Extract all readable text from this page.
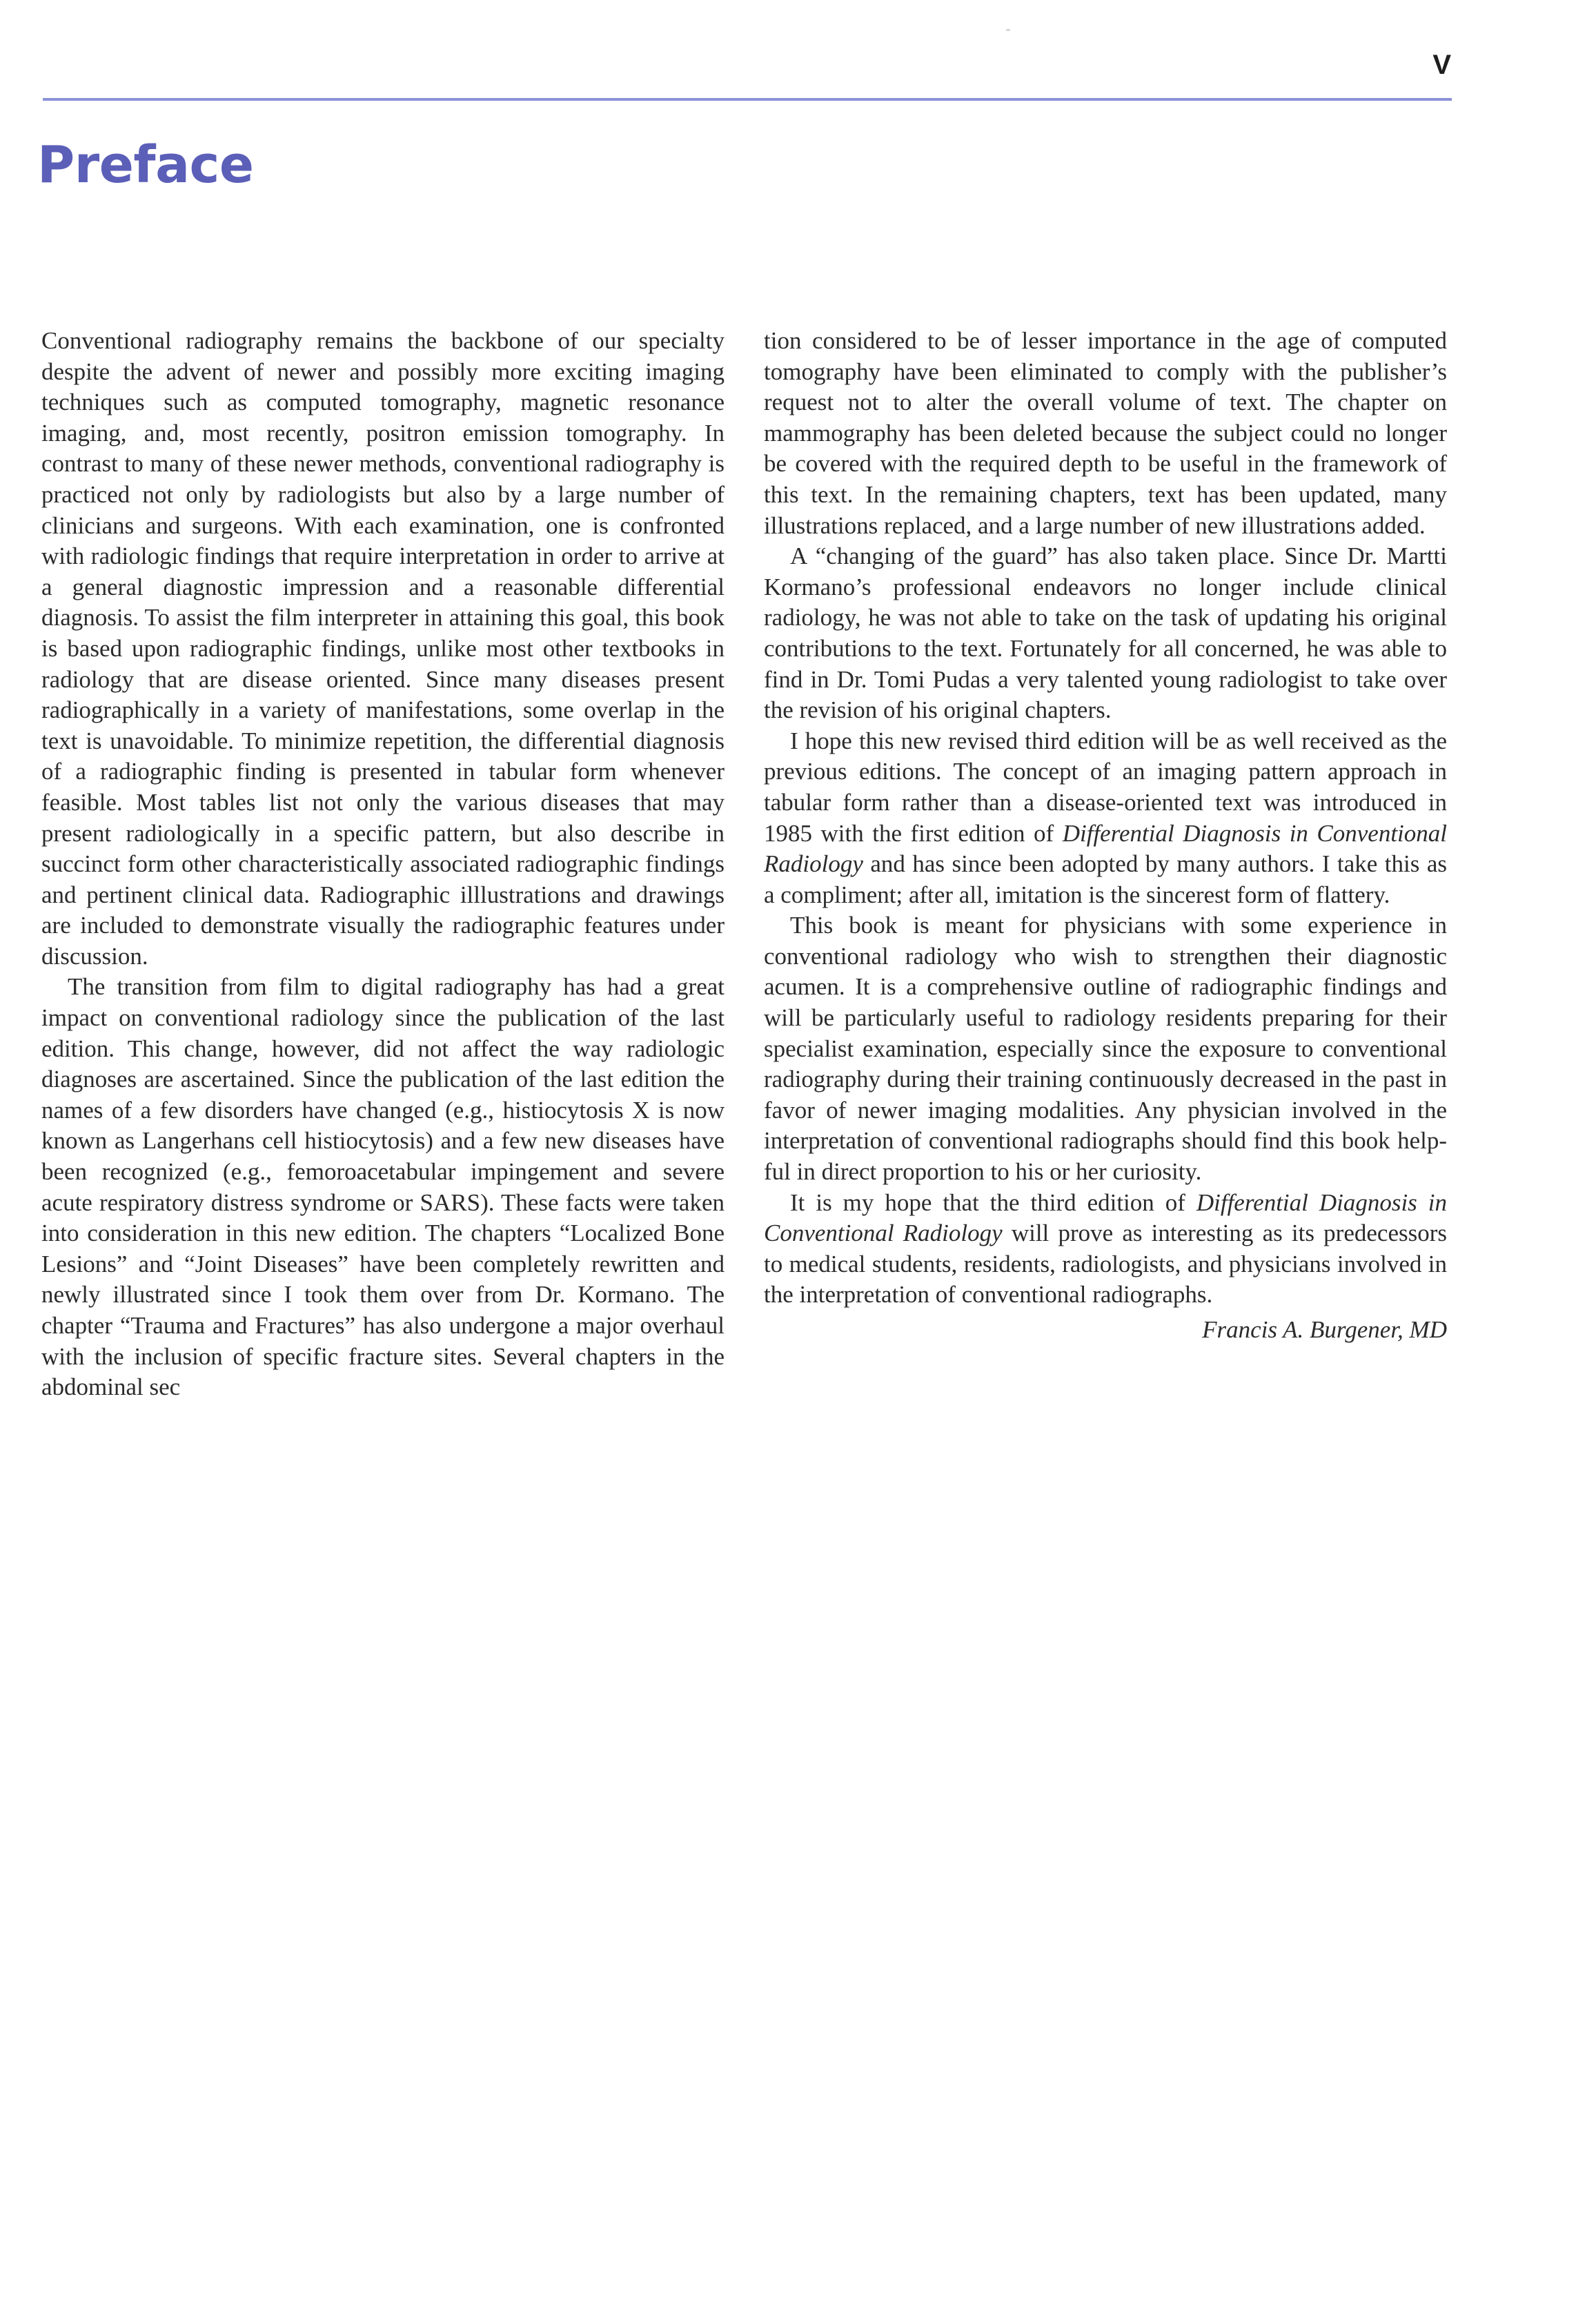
V
Preface

Conventional radiography remains the backbone of our specialty despite the advent of newer and possibly more exciting imaging techniques such as computed tomography, magnetic resonance imaging, and, most recently, positron emission tomography. In contrast to many of these newer methods, conventional radiography is practiced not only by radiologists but also by a large number of clinicians and surgeons. With each examination, one is confronted with radiologic findings that require interpretation in order to arrive at a general diagnostic impression and a reasonable differential diagnosis. To assist the film interpreter in attaining this goal, this book is based upon radiographic findings, unlike most other textbooks in radiology that are disease oriented. Since many diseases present radiographically in a variety of manifestations, some overlap in the text is unavoidable. To minimize repetition, the differential diagnosis of a radiographic finding is presented in tabular form whenever feasible. Most tables list not only the various diseases that may present radiologically in a specific pattern, but also describe in succinct form other characteristically associated radiographic findings and pertinent clinical data. Radiographic illlustrations and drawings are included to demonstrate visually the radiographic features under discussion.

The transition from film to digital radiography has had a great impact on conventional radiology since the publication of the last edition. This change, however, did not affect the way radiologic diagnoses are ascertained. Since the publication of the last edition the names of a few disorders have changed (e.g., histiocytosis X is now known as Langerhans cell histiocytosis) and a few new diseases have been recognized (e.g., femoroacetabular impingement and severe acute respiratory distress syndrome or SARS). These facts were taken into consideration in this new edition. The chapters “Localized Bone Lesions” and “Joint Diseases” have been completely rewritten and newly illustrated since I took them over from Dr. Kormano. The chapter “Trauma and Fractures” has also undergone a major overhaul with the inclusion of specific fracture sites. Several chapters in the abdominal sec

tion considered to be of lesser importance in the age of computed tomography have been eliminated to comply with the publisher’s request not to alter the overall volume of text. The chapter on mammography has been deleted because the subject could no longer be covered with the required depth to be useful in the framework of this text. In the remaining chapters, text has been updated, many illustrations replaced, and a large number of new illustrations added.

A “changing of the guard” has also taken place. Since Dr. Martti Kormano’s professional endeavors no longer include clinical radiology, he was not able to take on the task of updating his original contributions to the text. Fortunately for all concerned, he was able to find in Dr. Tomi Pudas a very talented young radiologist to take over the revision of his original chapters.

I hope this new revised third edition will be as well received as the previous editions. The concept of an imaging pattern approach in tabular form rather than a disease-oriented text was introduced in 1985 with the first edition of Differential Diagnosis in Conventional Radiology and has since been adopted by many authors. I take this as a compliment; after all, imitation is the sincerest form of flattery.

This book is meant for physicians with some experience in conventional radiology who wish to strengthen their diagnostic acumen. It is a comprehensive outline of radiographic findings and will be particularly useful to radiology residents preparing for their specialist examination, especially since the exposure to conventional radiography during their training continuously decreased in the past in favor of newer imaging modalities. Any physician involved in the interpretation of conventional radiographs should find this book helpful in direct proportion to his or her curiosity.

It is my hope that the third edition of Differential Diagnosis in Conventional Radiology will prove as interesting as its predecessors to medical students, residents, radiologists, and physicians involved in the interpretation of conventional radiographs.

Francis A. Burgener, MD
